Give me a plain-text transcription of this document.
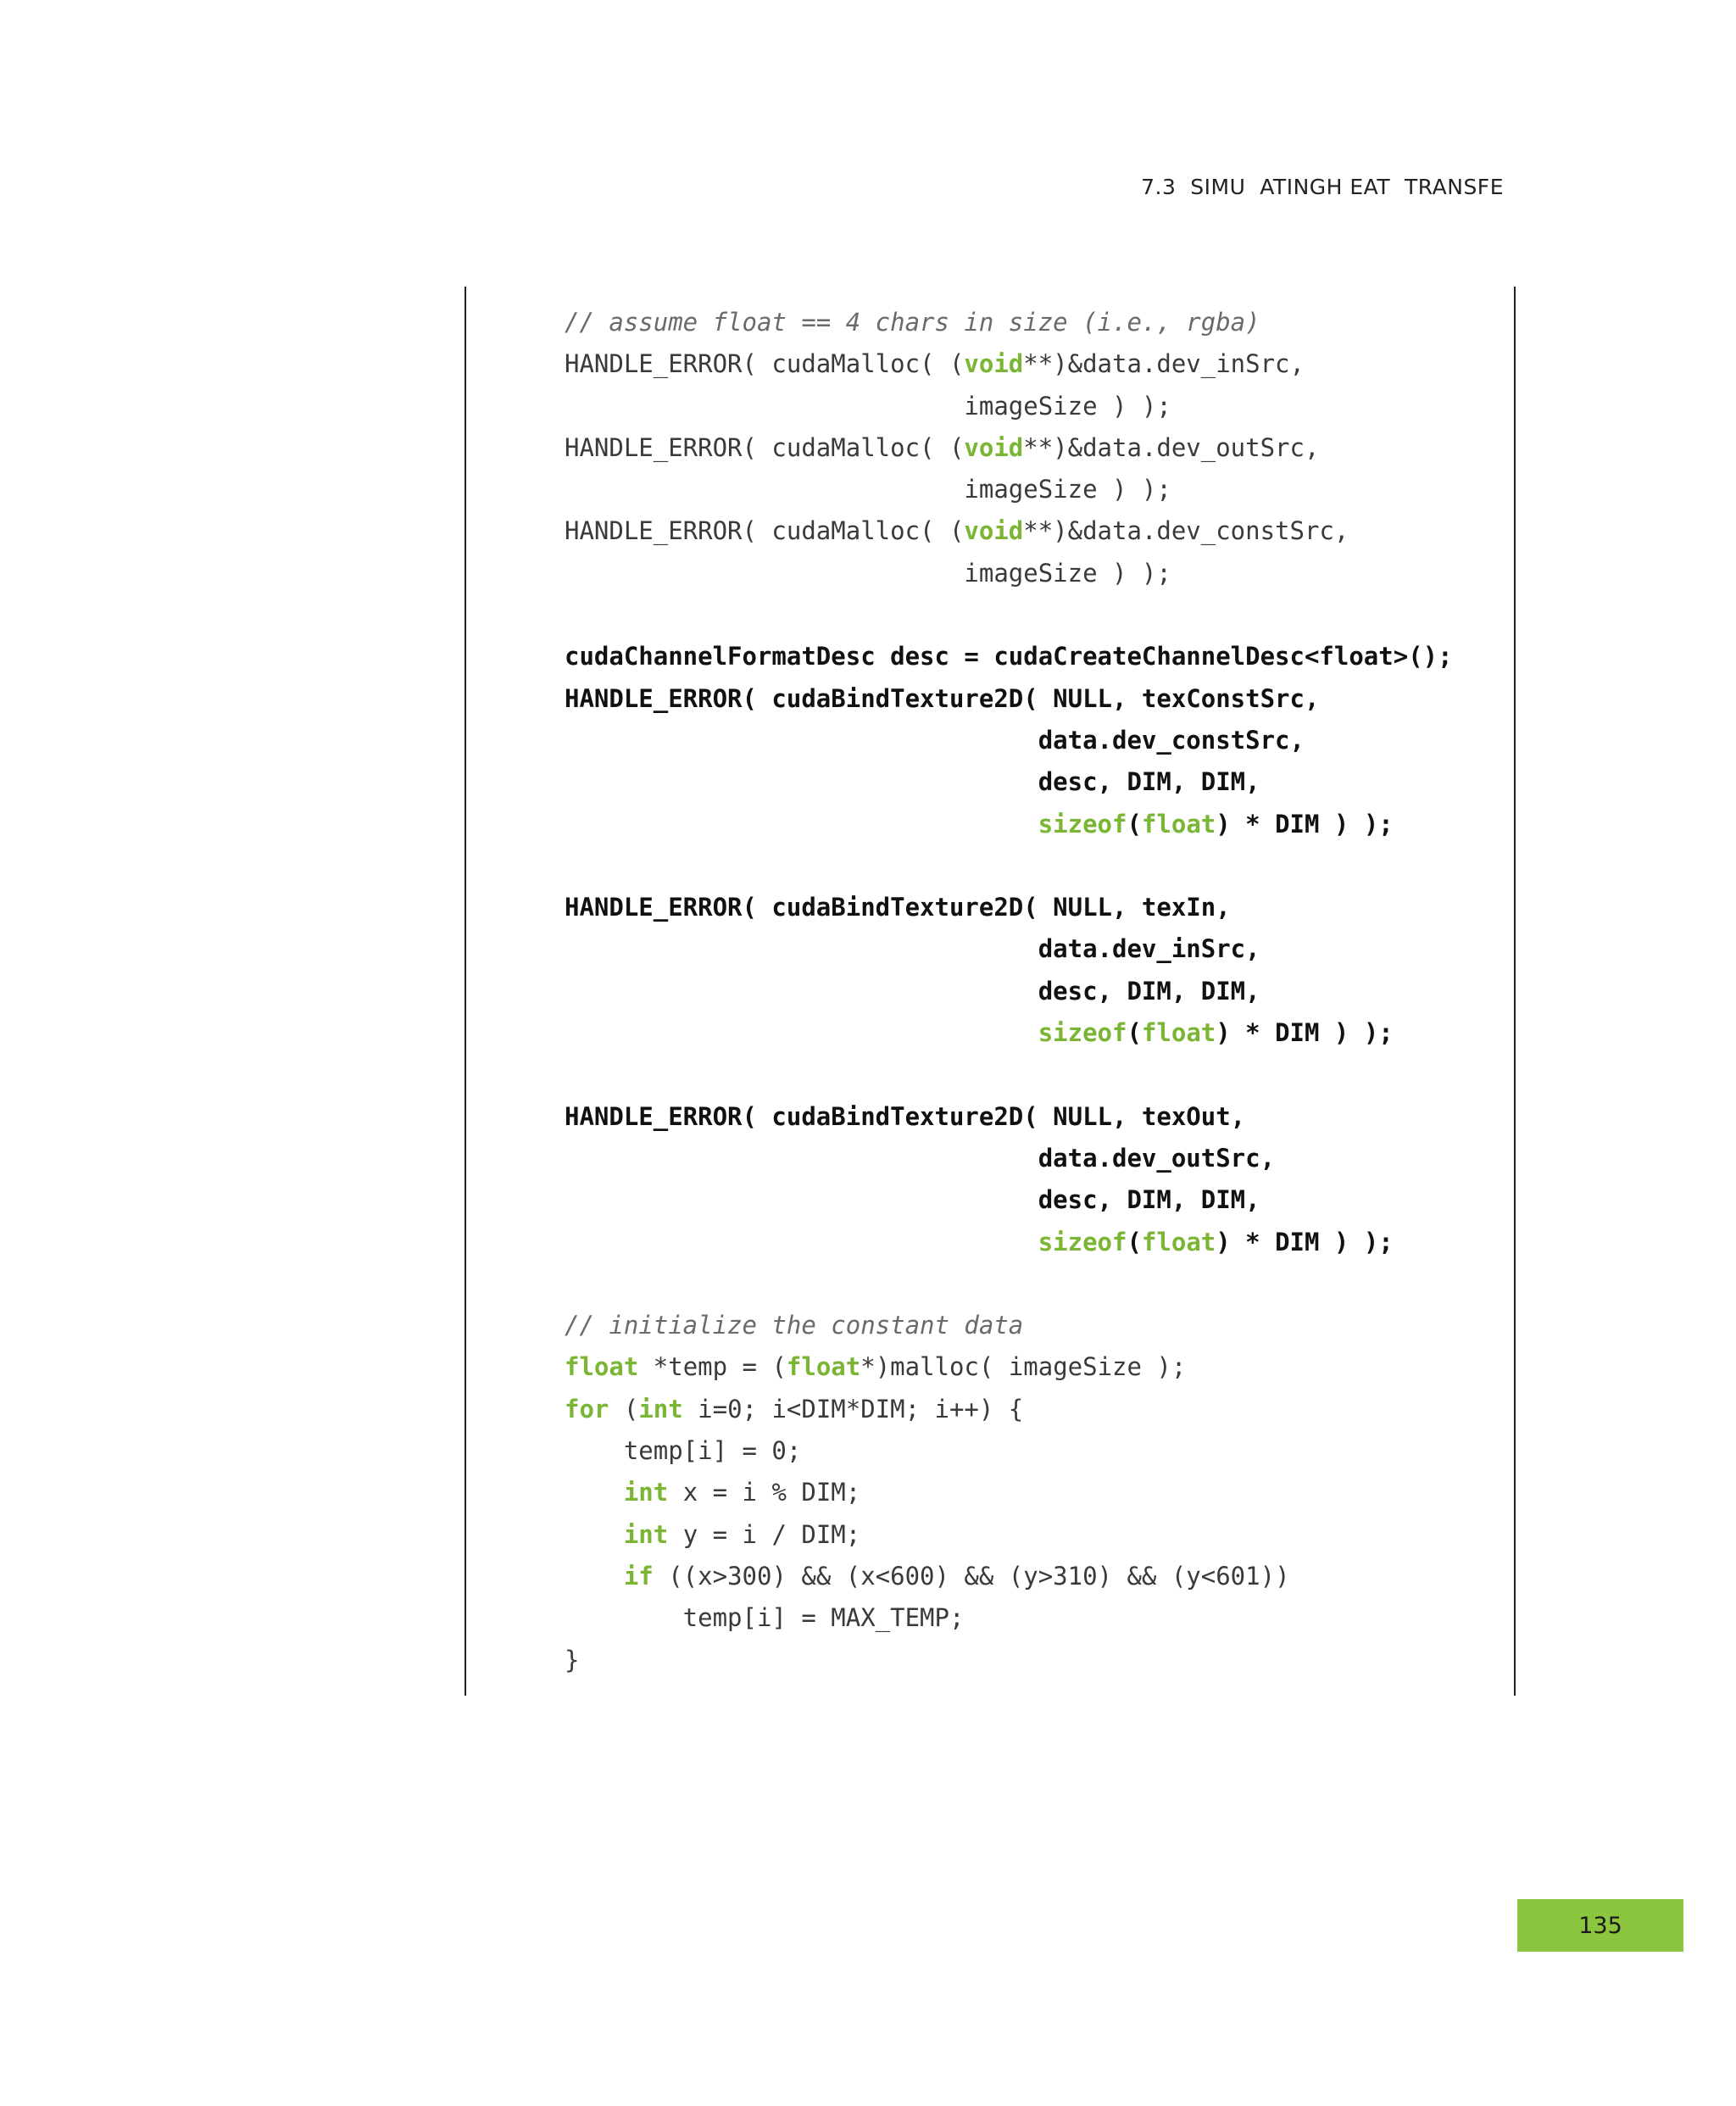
7.3  SIMU  ATINGH EAT  TRANSFE
// assume float == 4 chars in size (i.e., rgba)
HANDLE_ERROR( cudaMalloc( (void**)&data.dev_inSrc,
imageSize ) );
HANDLE_ERROR( cudaMalloc( (void**)&data.dev_outSrc,
imageSize ) );
HANDLE_ERROR( cudaMalloc( (void**)&data.dev_constSrc,
imageSize ) );
cudaChannelFormatDesc desc = cudaCreateChannelDesc<float>();
HANDLE_ERROR( cudaBindTexture2D( NULL, texConstSrc,
data.dev_constSrc,
desc, DIM, DIM,
sizeof(float) * DIM ) );
HANDLE_ERROR( cudaBindTexture2D( NULL, texIn,
data.dev_inSrc,
desc, DIM, DIM,
sizeof(float) * DIM ) );
HANDLE_ERROR( cudaBindTexture2D( NULL, texOut,
data.dev_outSrc,
desc, DIM, DIM,
sizeof(float) * DIM ) );
// initialize the constant data
float *temp = (float*)malloc( imageSize );
for (int i=0; i<DIM*DIM; i++) {
temp[i] = 0;
int x = i % DIM;
int y = i / DIM;
if ((x>300) && (x<600) && (y>310) && (y<601))
temp[i] = MAX_TEMP;
}
135
